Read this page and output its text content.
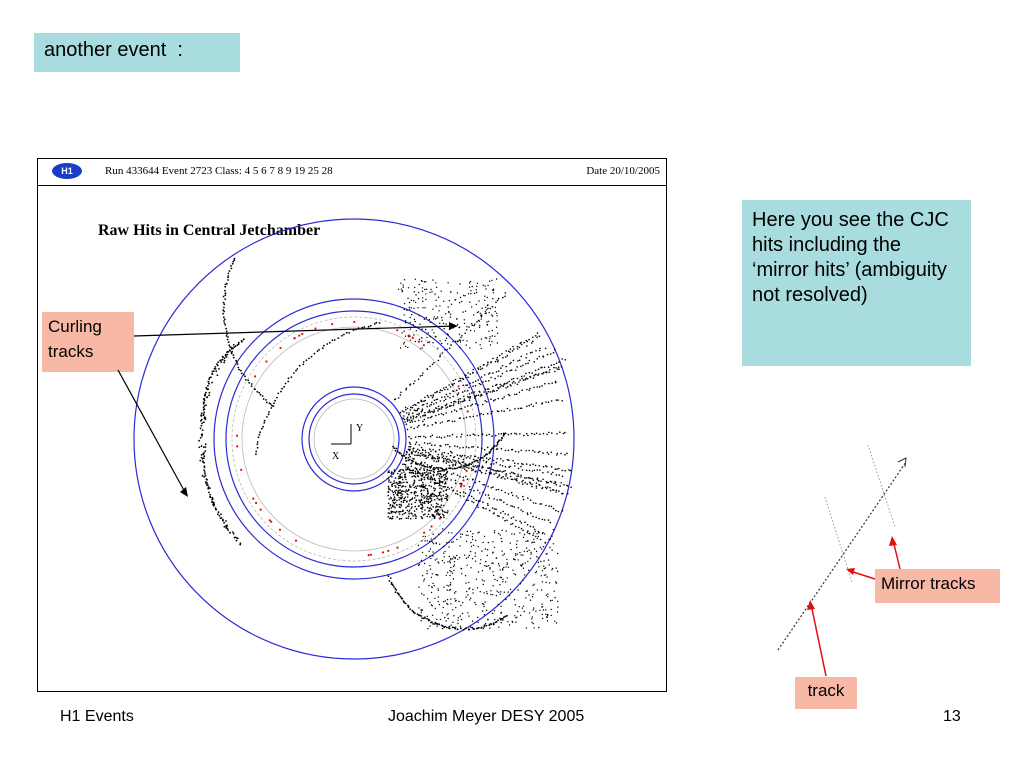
another event  :
H1	Run 433644 Event 2723 Class: 4 5 6 7 8 9 19 25 28	Date 20/10/2005
Raw Hits in Central Jetchamber
Y
X
Here you see the CJC hits including the ‘mirror hits’ (ambiguity not resolved)
Curling tracks
Mirror tracks
track
H1 Events	Joachim Meyer DESY 2005	13
